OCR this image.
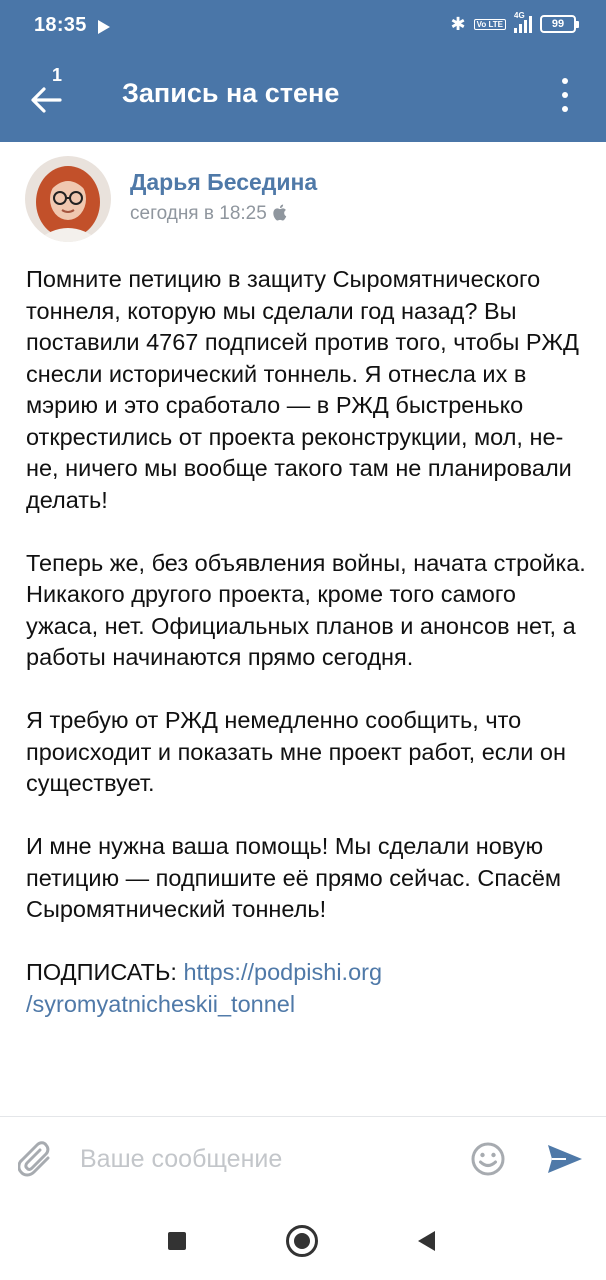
18:35	✱	Vo LTE
4G
99
1
Запись на стене
Дарья Беседина
сегодня в 18:25

Помните петицию в защиту Сыромятнического тоннеля, которую мы сделали год назад? Вы поставили 4767 подписей против того, чтобы РЖД снесли исторический тоннель. Я отнесла их в мэрию и это сработало — в РЖД быстренько открестились от проекта реконструкции, мол, не-не, ничего мы вообще такого там не планировали делать!

Теперь же, без объявления войны, начата стройка. Никакого другого проекта, кроме того самого ужаса, нет. Официальных планов и анонсов нет, а работы начинаются прямо сегодня.

Я требую от РЖД немедленно сообщить, что происходит и показать мне проект работ, если он существует.

И мне нужна ваша помощь! Мы сделали новую петицию — подпишите её прямо сейчас. Спасём Сыромятнический тоннель!

ПОДПИСАТЬ: https://podpishi.org
/syromyatnicheskii_tonnel

Ваше сообщение
